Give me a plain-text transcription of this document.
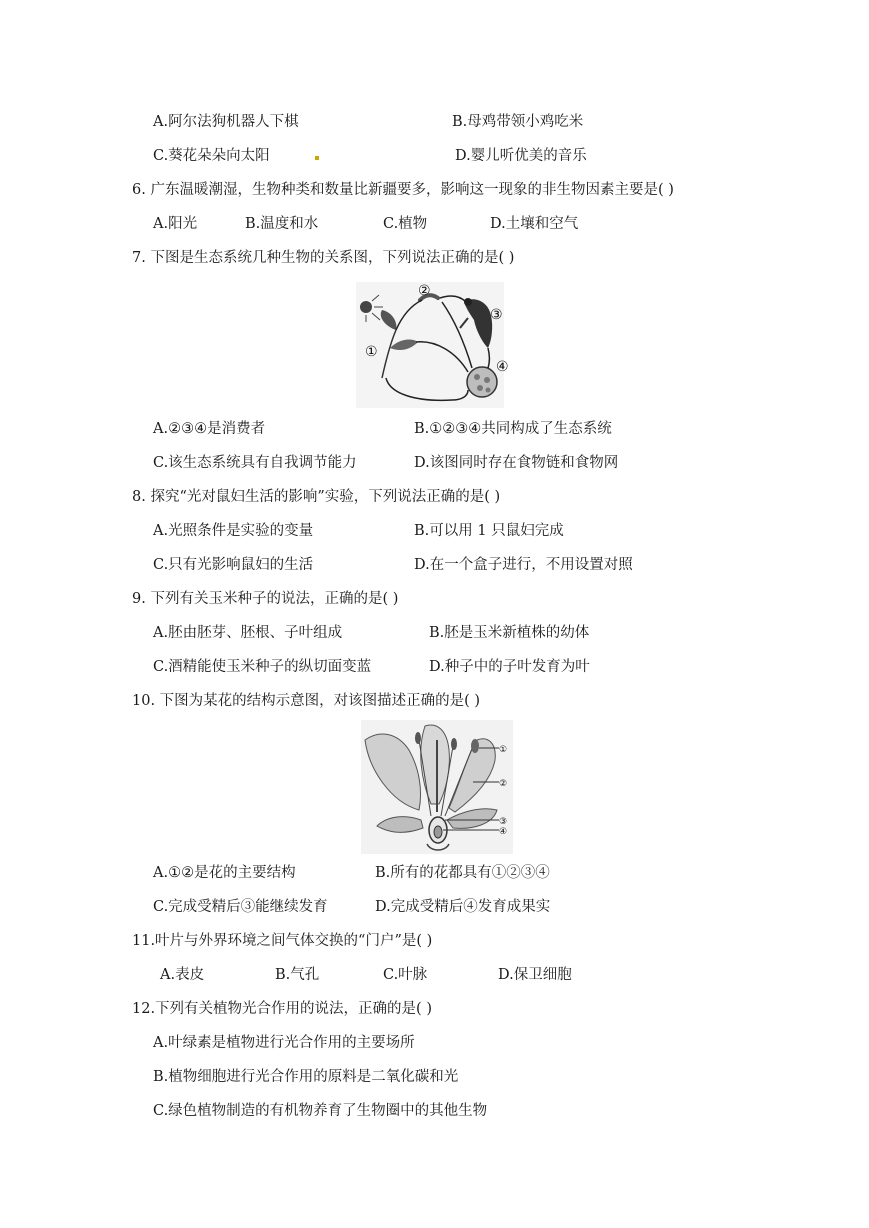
A.阿尔法狗机器人下棋	B.母鸡带领小鸡吃米
C.葵花朵朵向太阳	D.婴儿听优美的音乐
6. 广东温暖潮湿，生物种类和数量比新疆要多，影响这一现象的非生物因素主要是( )
A.阳光	B.温度和水	C.植物	D.土壤和空气
7. 下图是生态系统几种生物的关系图，下列说法正确的是( )
①
②
③
④
A.②③④是消费者	B.①②③④共同构成了生态系统
C.该生态系统具有自我调节能力	D.该图同时存在食物链和食物网
8. 探究“光对鼠妇生活的影响”实验，下列说法正确的是( )
A.光照条件是实验的变量	B.可以用 1 只鼠妇完成
C.只有光影响鼠妇的生活	D.在一个盒子进行，不用设置对照
9. 下列有关玉米种子的说法，正确的是( )
A.胚由胚芽、胚根、子叶组成	B.胚是玉米新植株的幼体
C.酒精能使玉米种子的纵切面变蓝	D.种子中的子叶发育为叶
10. 下图为某花的结构示意图，对该图描述正确的是( )
①
②
③
④
A.①②是花的主要结构	B.所有的花都具有①②③④
C.完成受精后③能继续发育	D.完成受精后④发育成果实
11.叶片与外界环境之间气体交换的“门户”是( )
A.表皮	B.气孔	C.叶脉	D.保卫细胞
12.下列有关植物光合作用的说法，正确的是( )
A.叶绿素是植物进行光合作用的主要场所
B.植物细胞进行光合作用的原料是二氧化碳和光
C.绿色植物制造的有机物养育了生物圈中的其他生物
